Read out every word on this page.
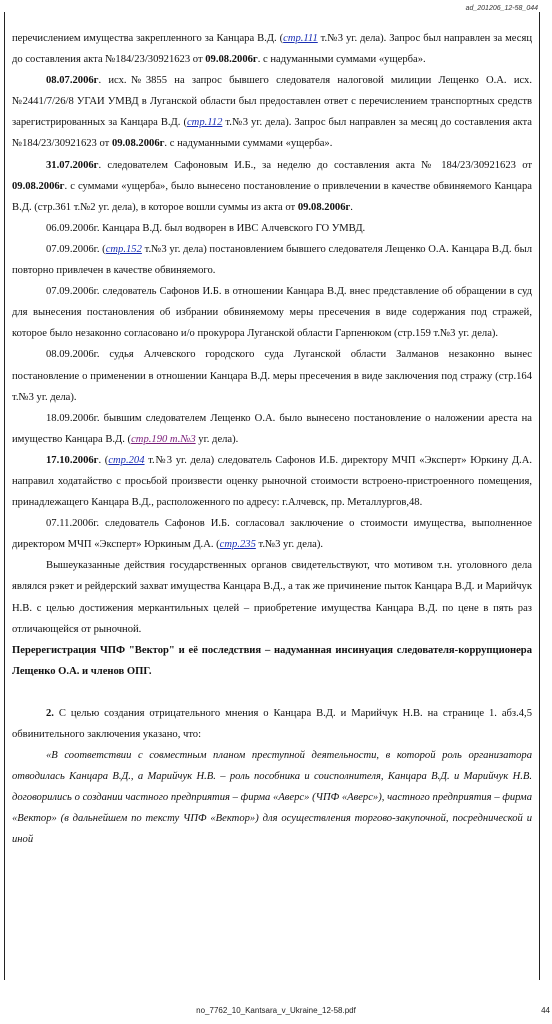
ad_201206_12-58_044

перечислением имущества закрепленного за Канцара В.Д. (стр.111 т.№3 уг. дела). Запрос был направлен за месяц до составления акта №184/23/30921623 от 09.08.2006г. с надуманными суммами «ущерба».

08.07.2006г. исх.№3855 на запрос бывшего следователя налоговой милиции Лещенко О.А. исх.№2441/7/26/8 УГАИ УМВД в Луганской области был предоставлен ответ с перечислением транспортных средств зарегистрированных за Канцара В.Д. (стр.112 т.№3 уг. дела). Запрос был направлен за месяц до составления акта №184/23/30921623 от 09.08.2006г. с надуманными суммами «ущерба».

31.07.2006г. следователем Сафоновым И.Б., за неделю до составления акта № 184/23/30921623 от 09.08.2006г. с суммами «ущерба», было вынесено постановление о привлечении в качестве обвиняемого Канцара В.Д. (стр.361 т.№2 уг. дела), в которое вошли суммы из акта от 09.08.2006г.

06.09.2006г. Канцара В.Д. был водворен в ИВС Алчевского ГО УМВД.

07.09.2006г. (стр.152 т.№3 уг. дела) постановлением бывшего следователя Лещенко О.А. Канцара В.Д. был повторно привлечен в качестве обвиняемого.

07.09.2006г. следователь Сафонов И.Б. в отношении Канцара В.Д. внес представление об обращении в суд для вынесения постановления об избрании обвиняемому меры пресечения в виде содержания под стражей, которое было незаконно согласовано и/о прокурора Луганской области Гарпенюком (стр.159 т.№3 уг. дела).

08.09.2006г. судья Алчевского городского суда Луганской области Залманов незаконно вынес постановление о применении в отношении Канцара В.Д. меры пресечения в виде заключения под стражу (стр.164 т.№3 уг. дела).

18.09.2006г. бывшим следователем Лещенко О.А. было вынесено постановление о наложении ареста на имущество Канцара В.Д. (стр.190 т.№3 уг. дела).

17.10.2006г. (стр.204 т.№3 уг. дела) следователь Сафонов И.Б. директору МЧП «Эксперт» Юркину Д.А. направил ходатайство с просьбой произвести оценку рыночной стоимости встроено-пристроенного помещения, принадлежащего Канцара В.Д., расположенного по адресу: г.Алчевск, пр. Металлургов,48.

07.11.2006г. следователь Сафонов И.Б. согласовал заключение о стоимости имущества, выполненное директором МЧП «Эксперт» Юркиным Д.А. (стр.235 т.№3 уг. дела).

Вышеуказанные действия государственных органов свидетельствуют, что мотивом т.н. уголовного дела являлся рэкет и рейдерский захват имущества Канцара В.Д., а так же причинение пыток Канцара В.Д. и Марийчук Н.В. с целью достижения меркантильных целей – приобретение имущества Канцара В.Д. по цене в пять раз отличающейся от рыночной.

Перерегистрация ЧПФ "Вектор" и её последствия – надуманная инсинуация следователя-коррупционера Лещенко О.А. и членов ОПГ.

2. С целью создания отрицательного мнения о Канцара В.Д. и Марийчук Н.В. на странице 1. абз.4,5 обвинительного заключения указано, что:

«В соответствии с совместным планом преступной деятельности, в которой роль организатора отводилась Канцара В.Д., а Марийчук Н.В. – роль пособника и соисполнителя, Канцара В.Д. и Марийчук Н.В. договорились о создании частного предприятия – фирма «Аверс» (ЧПФ «Аверс»), частного предприятия – фирма «Вектор» (в дальнейшем по тексту ЧПФ «Вектор») для осуществления торгово-закупочной, посреднической и иной

no_7762_10_Kantsara_v_Ukraine_12-58.pdf	44
